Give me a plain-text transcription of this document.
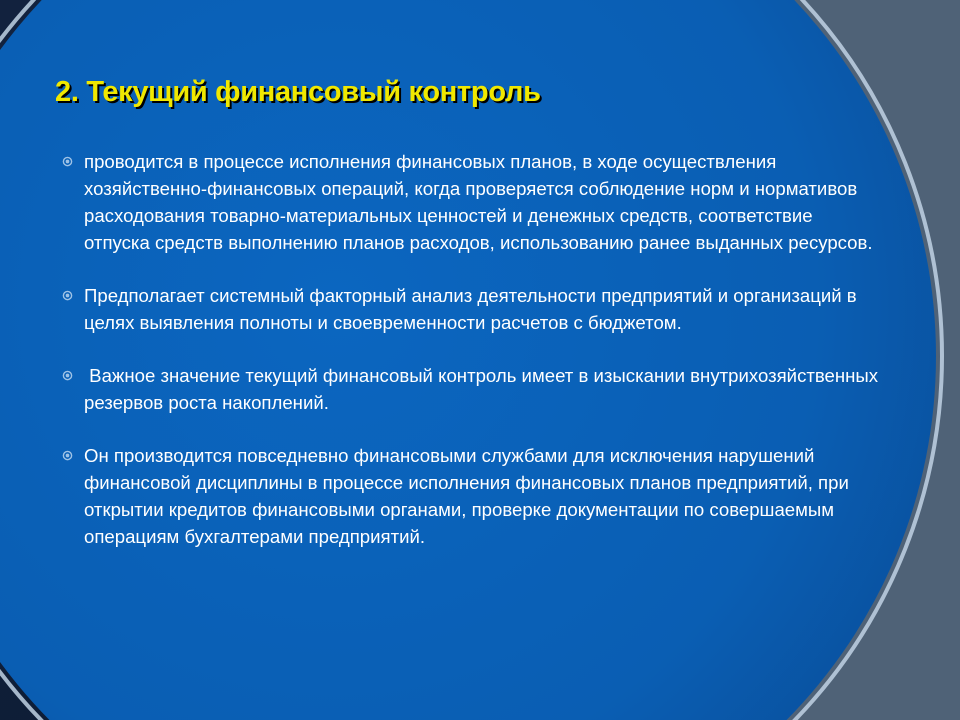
2. Текущий финансовый контроль
проводится в процессе исполнения финансовых планов, в ходе осуществления хозяйственно-финансовых операций, когда проверяется соблюдение норм и нормативов расходования товарно-материальных ценностей и денежных средств, соответствие отпуска средств выполнению планов расходов, использованию ранее выданных ресурсов.
Предполагает системный факторный анализ деятельности предприятий и организаций в целях выявления полноты и своевременности расчетов с бюджетом.
Важное значение текущий финансовый контроль имеет в изыскании внутрихозяйственных резервов роста накоплений.
Он производится повседневно финансовыми службами для исключения нарушений финансовой дисциплины в процессе исполнения финансовых планов предприятий, при открытии кредитов финансовыми органами, проверке документации по совершаемым операциям бухгалтерами предприятий.
